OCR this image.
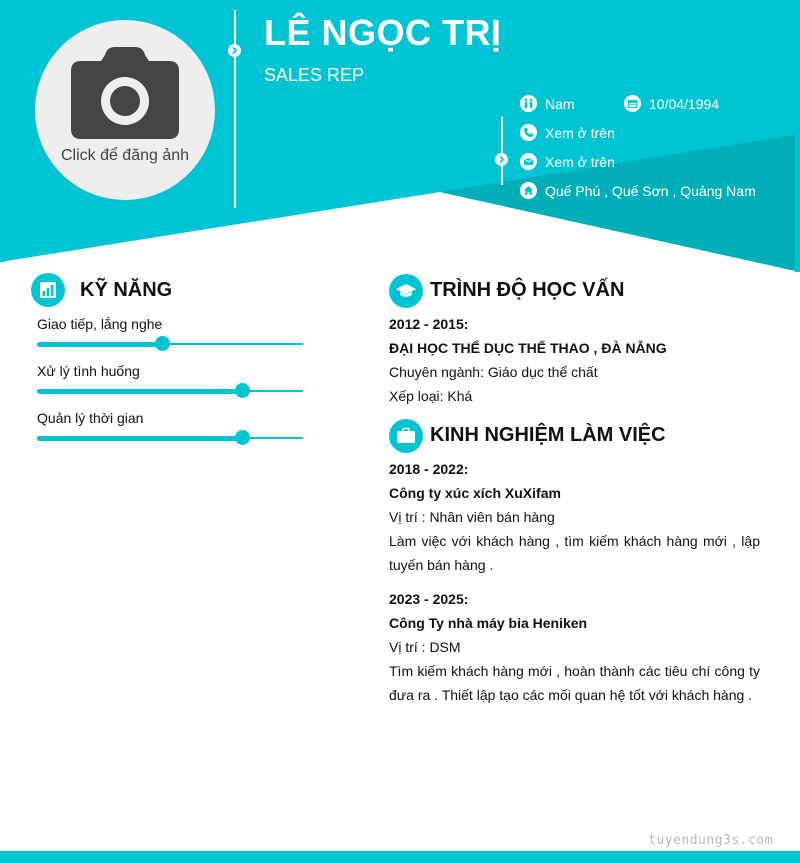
Click để đăng ảnh
LÊ NGỌC TRỊ
SALES REP
Nam	10/04/1994
Xem ở trên
Xem ở trên
Quế Phú , Quế Sơn , Quảng Nam
KỸ NĂNG
Giao tiếp, lắng nghe
Xử lý tình huống
Quản lý thời gian
TRÌNH ĐỘ HỌC VẤN
2012 - 2015:
ĐẠI HỌC THỂ DỤC THỂ THAO , ĐÀ NẴNG
Chuyên ngành: Giáo dục thể chất
Xếp loại: Khá
KINH NGHIỆM LÀM VIỆC
2018 - 2022:
Công ty xúc xích XuXifam
Vị trí : Nhân viên bán hàng
Làm việc với khách hàng , tìm kiếm khách hàng mới , lập tuyến bán hàng .
2023 - 2025:
Công Ty nhà máy bia Heniken
Vị trí : DSM
Tìm kiếm khách hàng mới , hoàn thành các tiêu chí công ty đưa ra . Thiết lập tạo các mối quan hệ tốt với khách hàng .
tuyendung3s.com
